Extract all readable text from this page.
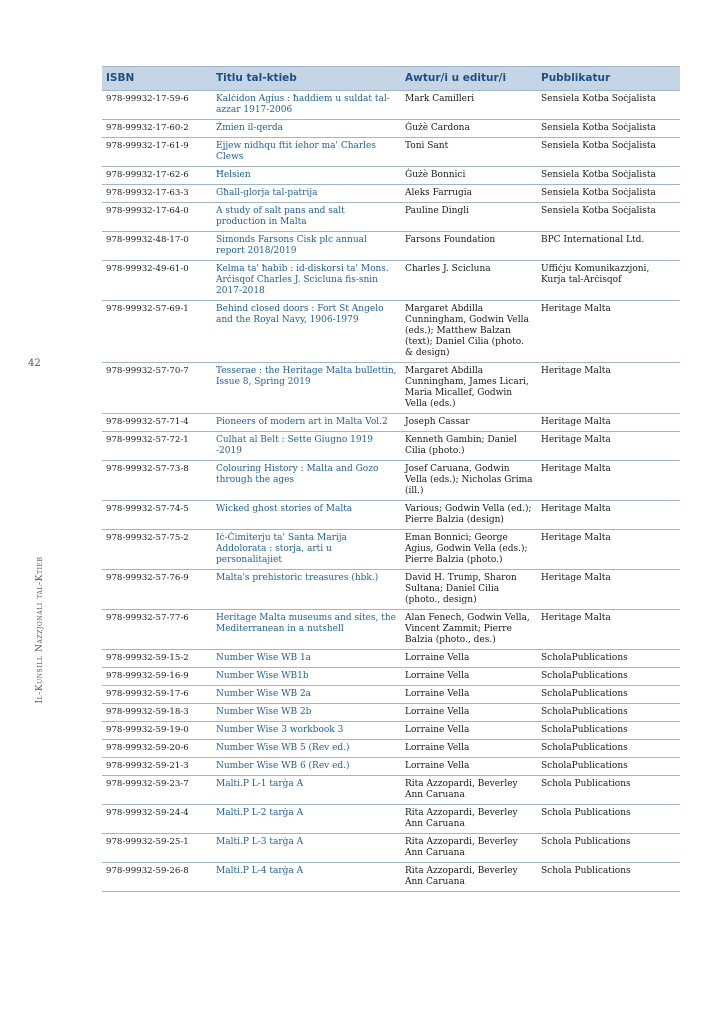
42
Il-Kunsill Nazzjonali tal-Ktieb
ISBN	Titlu tal-ktieb	Awtur/i u editur/i	Pubblikatur
978-99932-17-59-6	Kalċidon Agius : ħaddiem u suldat tal-azzar 1917-2006	Mark Camilleri	Sensiela Kotba Soċjalista
978-99932-17-60-2	Żmien il-qerda	Ġużè Cardona	Sensiela Kotba Soċjalista
978-99932-17-61-9	Ejjew nidhqu ftit iehor ma' Charles Clews	Toni Sant	Sensiela Kotba Soċjalista
978-99932-17-62-6	Ħelsien	Ġużè Bonnici	Sensiela Kotba Soċjalista
978-99932-17-63-3	Għall-glorja tal-patrija	Aleks Farrugia	Sensiela Kotba Soċjalista
978-99932-17-64-0	A study of salt pans and salt production in Malta	Pauline Dingli	Sensiela Kotba Soċjalista
978-99932-48-17-0	Simonds Farsons Cisk plc annual report 2018/2019	Farsons Foundation	BPC International Ltd.
978-99932-49-61-0	Kelma ta' ħabib : id-diskorsi ta' Mons. Arċisqof Charles J. Scicluna fis-snin 2017-2018	Charles J. Scicluna	Uffiċju Komunikazzjoni, Kurja tal-Arċisqof
978-99932-57-69-1	Behind closed doors : Fort St Angelo and the Royal Navy, 1906-1979	Margaret Abdilla Cunningham, Godwin Vella (eds.); Matthew Balzan (text); Daniel Cilia (photo. & design)	Heritage Malta
978-99932-57-70-7	Tesserae : the Heritage Malta bullettin, Issue 8, Spring 2019	Margaret Abdilla Cunningham, James Licari, Maria Micallef, Godwin Vella (eds.)	Heritage Malta
978-99932-57-71-4	Pioneers of modern art in Malta Vol.2	Joseph Cassar	Heritage Malta
978-99932-57-72-1	Culhat al Belt : Sette Giugno 1919 -2019	Kenneth Gambin; Daniel Cilia (photo.)	Heritage Malta
978-99932-57-73-8	Colouring History : Malta and Gozo through the ages	Josef Caruana, Godwin Vella (eds.); Nicholas Grima (ill.)	Heritage Malta
978-99932-57-74-5	Wicked ghost stories of Malta	Various; Godwin Vella (ed.); Pierre Balzia (design)	Heritage Malta
978-99932-57-75-2	Iċ-Ċimiterju ta' Santa Marija Addolorata : storja, arti u personalitajiet	Eman Bonnici; George Agius, Godwin Vella (eds.); Pierre Balzia (photo.)	Heritage Malta
978-99932-57-76-9	Malta's prehistoric treasures (hbk.)	David H. Trump, Sharon Sultana; Daniel Cilia (photo., design)	Heritage Malta
978-99932-57-77-6	Heritage Malta museums and sites, the Mediterranean in a nutshell	Alan Fenech, Godwin Vella, Vincent Zammit; Pierre Balzia (photo., des.)	Heritage Malta
978-99932-59-15-2	Number Wise WB 1a	Lorraine Vella	ScholaPublications
978-99932-59-16-9	Number Wise WB1b	Lorraine Vella	ScholaPublications
978-99932-59-17-6	Number Wise WB 2a	Lorraine Vella	ScholaPublications
978-99932-59-18-3	Number Wise WB 2b	Lorraine Vella	ScholaPublications
978-99932-59-19-0	Number Wise 3 workbook 3	Lorraine Vella	ScholaPublications
978-99932-59-20-6	Number Wise WB 5 (Rev ed.)	Lorraine Vella	ScholaPublications
978-99932-59-21-3	Number Wise WB 6 (Rev ed.)	Lorraine Vella	ScholaPublications
978-99932-59-23-7	Malti.P L-1 tarġa A	Rita Azzopardi, Beverley Ann Caruana	Schola Publications
978-99932-59-24-4	Malti.P L-2 tarġa A	Rita Azzopardi, Beverley Ann Caruana	Schola Publications
978-99932-59-25-1	Malti.P L-3 tarġa A	Rita Azzopardi, Beverley Ann Caruana	Schola Publications
978-99932-59-26-8	Malti.P L-4 tarġa A	Rita Azzopardi, Beverley Ann Caruana	Schola Publications
